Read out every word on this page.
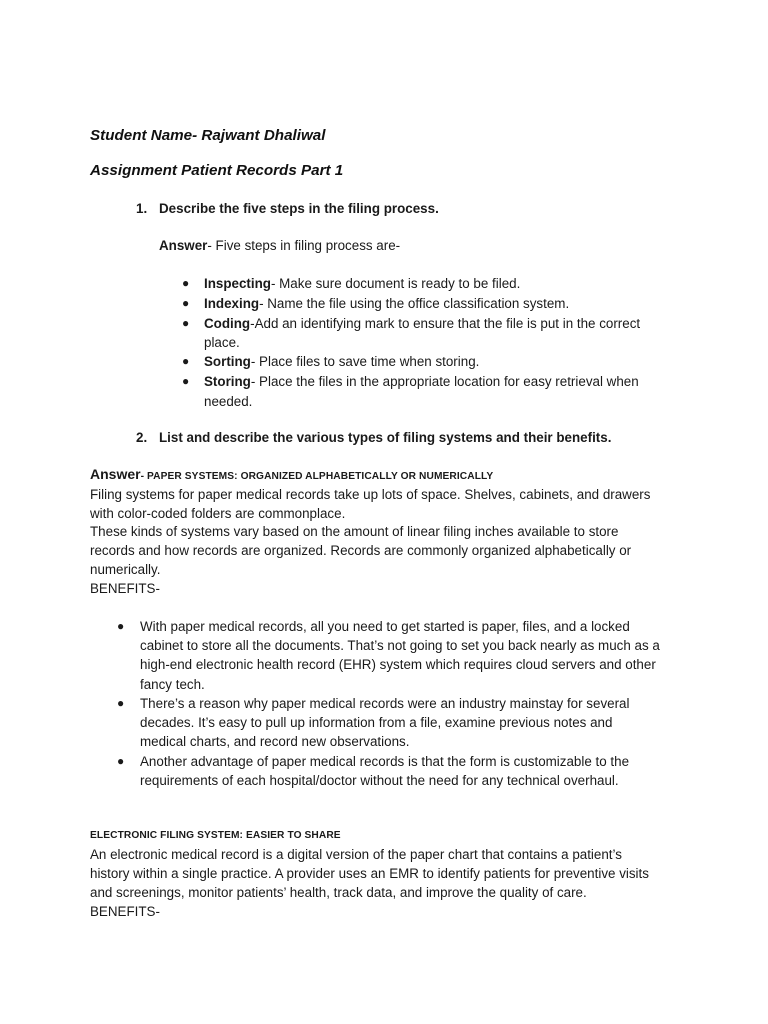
Student Name- Rajwant Dhaliwal
Assignment Patient Records Part 1
1. Describe the five steps in the filing process.
Answer- Five steps in filing process are-
● Inspecting- Make sure document is ready to be filed.
● Indexing- Name the file using the office classification system.
● Coding-Add an identifying mark to ensure that the file is put in the correct
place.
● Sorting- Place files to save time when storing.
● Storing- Place the files in the appropriate location for easy retrieval when
needed.
2. List and describe the various types of filing systems and their benefits.
Answer- PAPER SYSTEMS: ORGANIZED ALPHABETICALLY OR NUMERICALLY
Filing systems for paper medical records take up lots of space. Shelves, cabinets, and drawers
with color-coded folders are commonplace.
These kinds of systems vary based on the amount of linear filing inches available to store
records and how records are organized. Records are commonly organized alphabetically or
numerically.
BENEFITS-
● With paper medical records, all you need to get started is paper, files, and a locked
cabinet to store all the documents. That’s not going to set you back nearly as much as a
high-end electronic health record (EHR) system which requires cloud servers and other
fancy tech.
● There’s a reason why paper medical records were an industry mainstay for several
decades. It’s easy to pull up information from a file, examine previous notes and
medical charts, and record new observations.
● Another advantage of paper medical records is that the form is customizable to the
requirements of each hospital/doctor without the need for any technical overhaul.
ELECTRONIC FILING SYSTEM: EASIER TO SHARE
An electronic medical record is a digital version of the paper chart that contains a patient’s
history within a single practice. A provider uses an EMR to identify patients for preventive visits
and screenings, monitor patients’ health, track data, and improve the quality of care.
BENEFITS-
